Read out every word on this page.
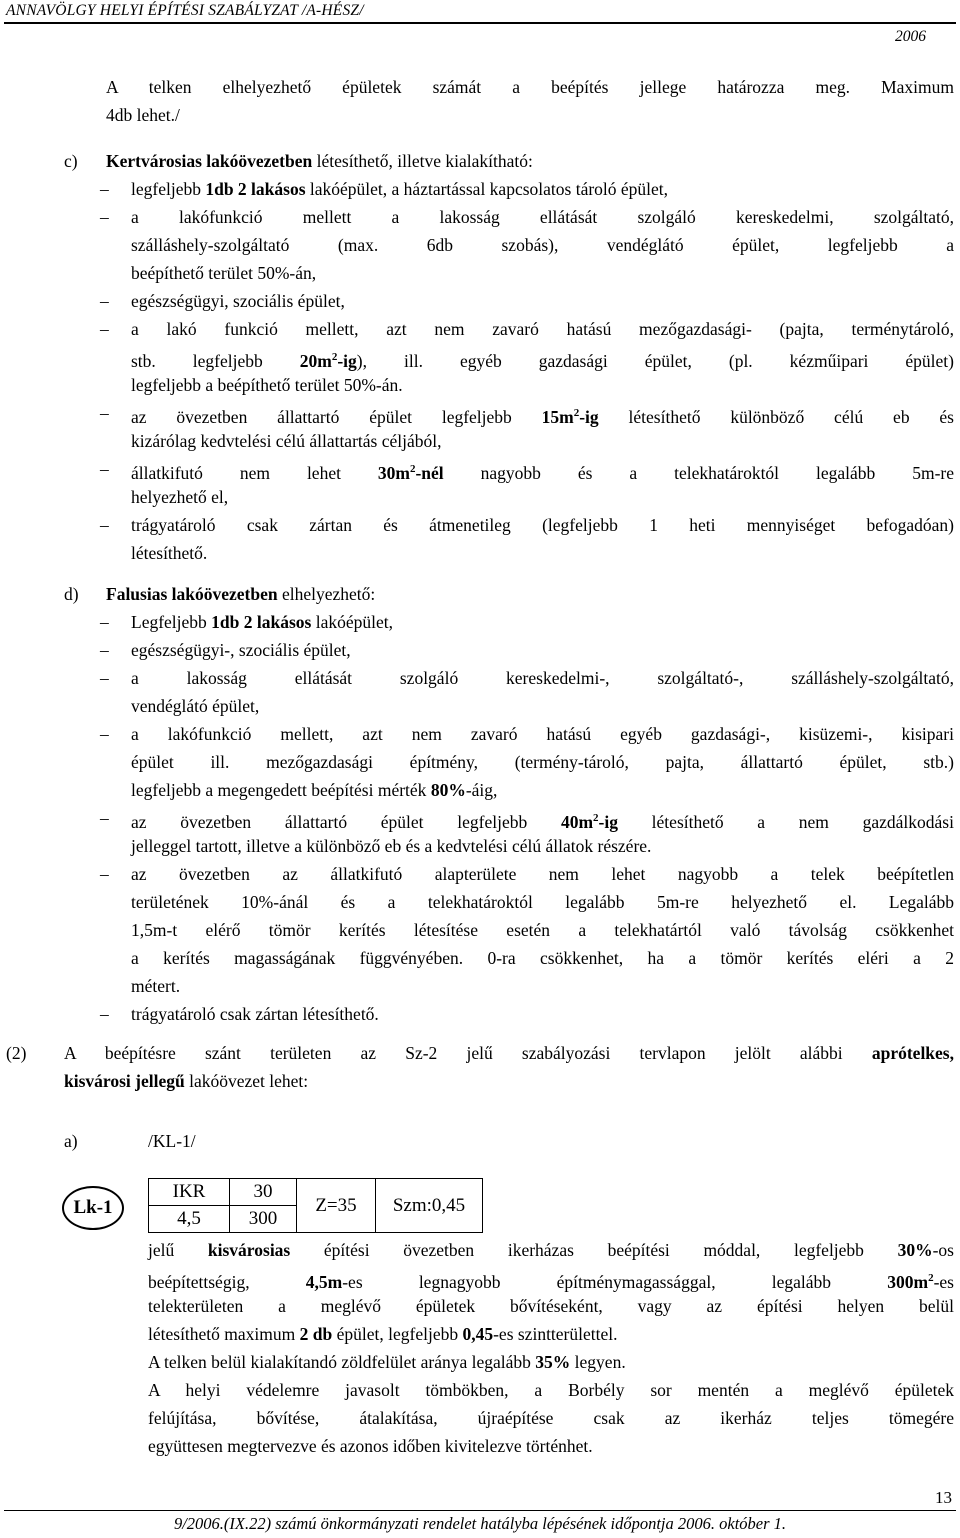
ANNAVÖLGY HELYI ÉPÍTÉSI SZABÁLYZAT /A-HÉSZ/
2006
A telken elhelyezhető épületek számát a beépítés jellege határozza meg. Maximum
4db lehet./
c) Kertvárosias lakóövezetben létesíthető, illetve kialakítható:
–
legfeljebb 1db 2 lakásos lakóépület, a háztartással kapcsolatos tároló épület,
–
a lakófunkció mellett a lakosság ellátását szolgáló kereskedelmi, szolgáltató,
szálláshely-szolgáltató (max. 6db szobás), vendéglátó épület, legfeljebb a
beépíthető terület 50%-án,
–
egészségügyi, szociális épület,
–
a lakó funkció mellett, azt nem zavaró hatású mezőgazdasági- (pajta, terménytároló,
stb. legfeljebb $20m^2-ig$), ill. egyéb gazdasági épület, (pl. kézműipari épület)
legfeljebb a beépíthető terület 50%-án.
–
az övezetben állattartó épület legfeljebb $15m^2-ig$ létesíthető különböző célú eb és
kizárólag kedvtelési célú állattartás céljából,
–
állatkifutó nem lehet $30m^2$-nél nagyobb és a telekhatároktól legalább 5m-re
helyezhető el,
–
trágyatároló csak zártan és átmenetileg (legfeljebb 1 heti mennyiséget befogadóan)
létesíthető.
d) Falusias lakóövezetben elhelyezhető:
–
Legfeljebb 1db 2 lakásos lakóépület,
–
egészségügyi-, szociális épület,
–
a lakosság ellátását szolgáló kereskedelmi-, szolgáltató-, szálláshely-szolgáltató,
vendéglátó épület,
–
a lakófunkció mellett, azt nem zavaró hatású egyéb gazdasági-, kisüzemi-, kisipari
épület ill. mezőgazdasági építmény, (termény-tároló, pajta, állattartó épület, stb.)
legfeljebb a megengedett beépítési mérték 80%-áig,
–
az övezetben állattartó épület legfeljebb $40m^2-ig$ létesíthető a nem gazdálkodási
jelleggel tartott, illetve a különböző eb és a kedvtelési célú állatok részére.
–
az övezetben az állatkifutó alapterülete nem lehet nagyobb a telek beépítetlen
területének 10%-ánál és a telekhatároktól legalább 5m-re helyezhető el. Legalább
1,5m-t elérő tömör kerítés létesítése esetén a telekhatártól való távolság csökkenhet
a kerítés magasságának függvényében. 0-ra csökkenhet, ha a tömör kerítés eléri a 2
métert.
–
trágyatároló csak zártan létesíthető.
(2) A beépítésre szánt területen az Sz-2 jelű szabályozási tervlapon jelölt alábbi aprótelkes,
kisvárosi jellegű lakóövezet lehet:
a)	/KL-1/
Lk-1
IKR	30	Z=35	Szm:0,45
4,5	300		
jelű kisvárosias építési övezetben ikerházas beépítési móddal, legfeljebb 30%-os
beépítettségig, 4,5m-es legnagyobb építménymagassággal, legalább $300m^2-es$
telekterületen a meglévő épületek bővítéseként, vagy az építési helyen belül
létesíthető maximum 2 db épület, legfeljebb 0,45-es szintterülettel.
A telken belül kialakítandó zöldfelület aránya legalább 35% legyen.
A helyi védelemre javasolt tömbökben, a Borbély sor mentén a meglévő épületek
felújítása, bővítése, átalakítása, újraépítése csak az ikerház teljes tömegére
együttesen megtervezve és azonos időben kivitelezve történhet.
13
9/2006.(IX.22) számú önkormányzati rendelet hatályba lépésének időpontja 2006. október 1.
